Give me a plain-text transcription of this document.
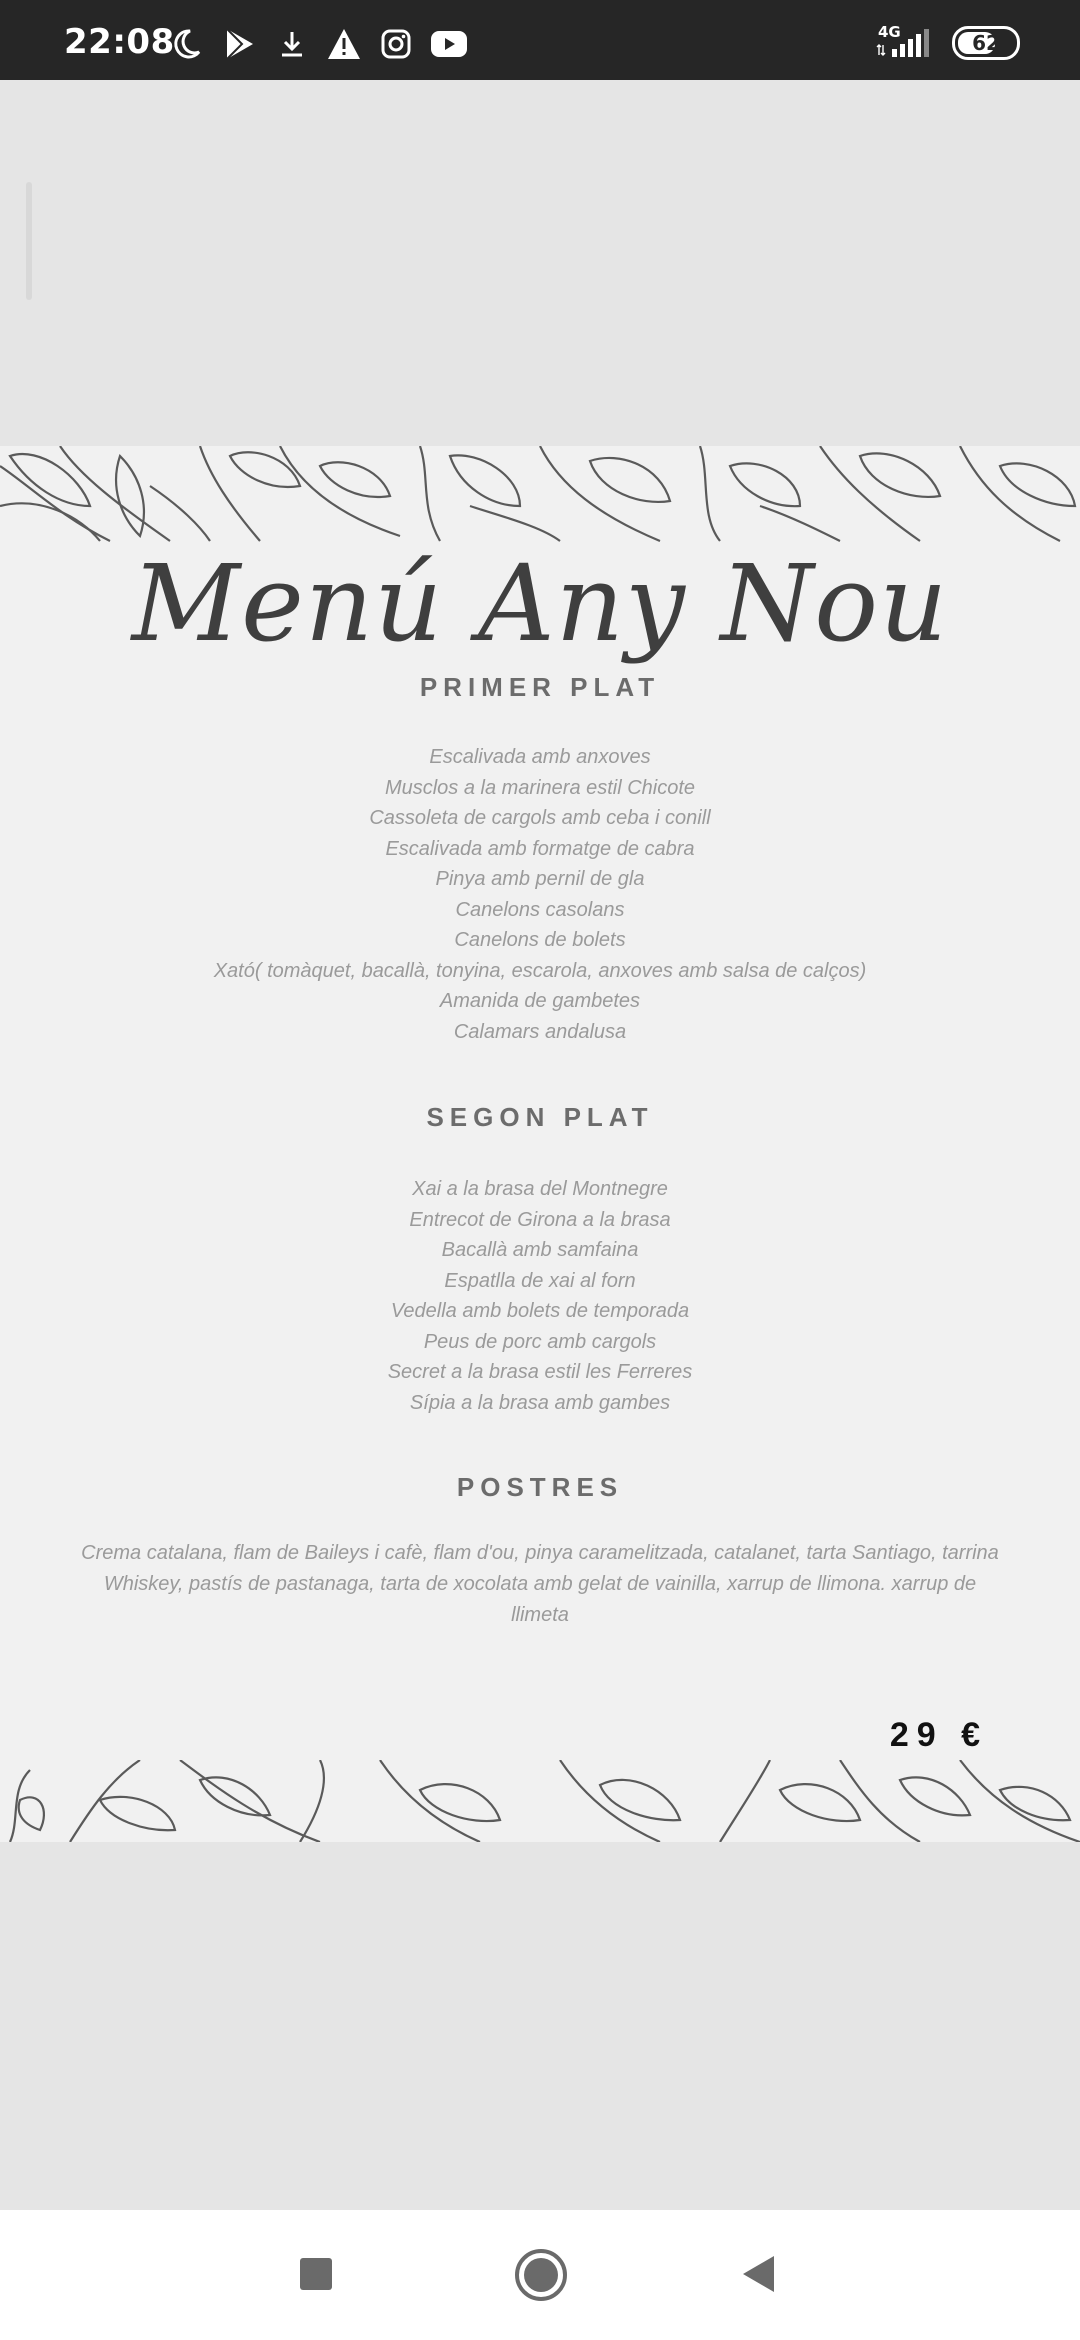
22:08	4G	62
Menú Any Nou
PRIMER PLAT
Escalivada amb anxoves
Musclos a la marinera estil Chicote
Cassoleta de cargols amb ceba i conill
Escalivada amb formatge de cabra
Pinya amb pernil de gla
Canelons casolans
Canelons de bolets
Xató( tomàquet, bacallà, tonyina, escarola, anxoves amb salsa de calços)
Amanida de gambetes
Calamars andalusa
SEGON PLAT
Xai a la brasa del Montnegre
Entrecot de Girona a la brasa
Bacallà amb samfaina
Espatlla de xai al forn
Vedella amb bolets de temporada
Peus de porc amb cargols
Secret a la brasa estil les Ferreres
Sípia a la brasa amb gambes
POSTRES
Crema catalana, flam de Baileys i cafè, flam d'ou, pinya caramelitzada, catalanet, tarta Santiago, tarrina Whiskey, pastís de pastanaga, tarta de xocolata amb gelat de vainilla, xarrup de llimona. xarrup de llimeta
29 €
